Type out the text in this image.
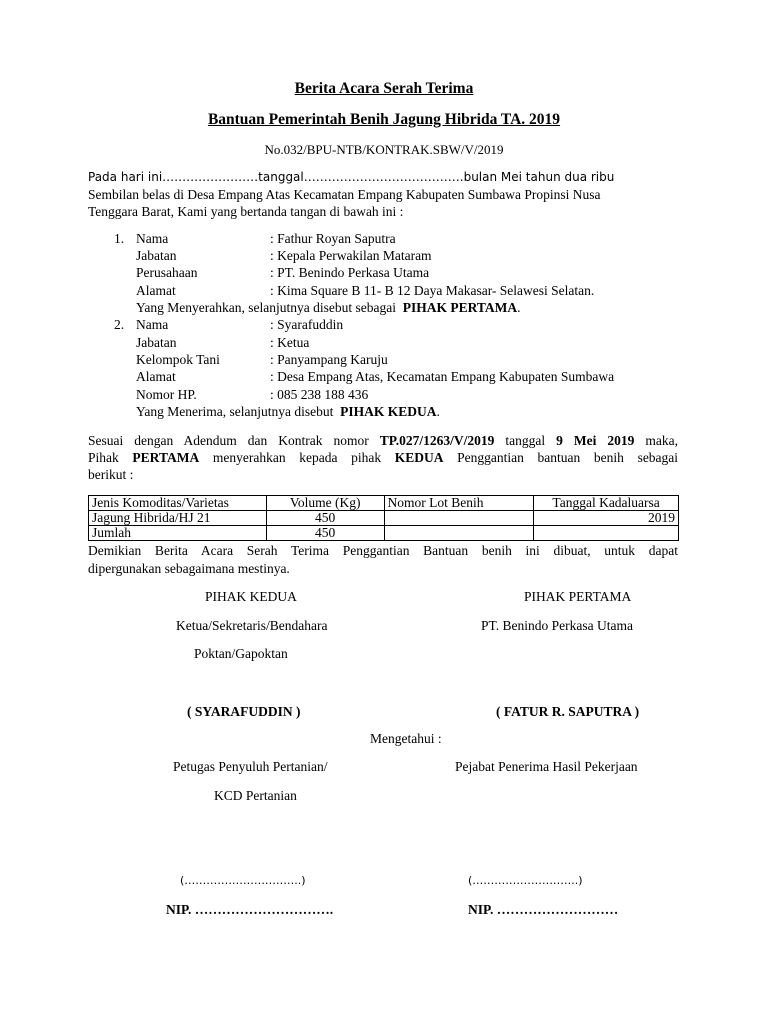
Berita Acara Serah Terima
Bantuan Pemerintah Benih Jagung Hibrida TA. 2019
No.032/BPU-NTB/KONTRAK.SBW/V/2019
Pada hari ini……………………tanggal………………………………….bulan Mei tahun dua ribu
Sembilan belas di Desa Empang Atas Kecamatan Empang Kabupaten Sumbawa Propinsi Nusa
Tenggara Barat, Kami yang bertanda tangan di bawah ini :
1. Nama	: Fathur Royan Saputra
Jabatan	: Kepala Perwakilan Mataram
Perusahaan	: PT. Benindo Perkasa Utama
Alamat	: Kima Square B 11- B 12 Daya Makasar- Selawesi Selatan.
Yang Menyerahkan, selanjutnya disebut sebagai PIHAK PERTAMA.
2. Nama	: Syarafuddin
Jabatan	: Ketua
Kelompok Tani	: Panyampang Karuju
Alamat	: Desa Empang Atas, Kecamatan Empang Kabupaten Sumbawa
Nomor HP.	: 085 238 188 436
Yang Menerima, selanjutnya disebut PIHAK KEDUA.
Sesuai dengan Adendum dan Kontrak nomor TP.027/1263/V/2019 tanggal 9 Mei 2019 maka,
Pihak PERTAMA menyerahkan kepada pihak KEDUA Penggantian bantuan benih sebagai
berikut :
Jenis Komoditas/Varietas	Volume (Kg)	Nomor Lot Benih	Tanggal Kadaluarsa
Jagung Hibrida/HJ 21	450		2019
Jumlah	450		
Demikian Berita Acara Serah Terima Penggantian Bantuan benih ini dibuat, untuk dapat
dipergunakan sebagaimana mestinya.
PIHAK KEDUA	PIHAK PERTAMA
Ketua/Sekretaris/Bendahara	PT. Benindo Perkasa Utama
Poktan/Gapoktan
( SYARAFUDDIN )	( FATUR R. SAPUTRA )
Mengetahui :
Petugas Penyuluh Pertanian/	Pejabat Penerima Hasil Pekerjaan
KCD Pertanian
(…………………………..)	(………………………..)
NIP. ………………………….	NIP. ………………………
